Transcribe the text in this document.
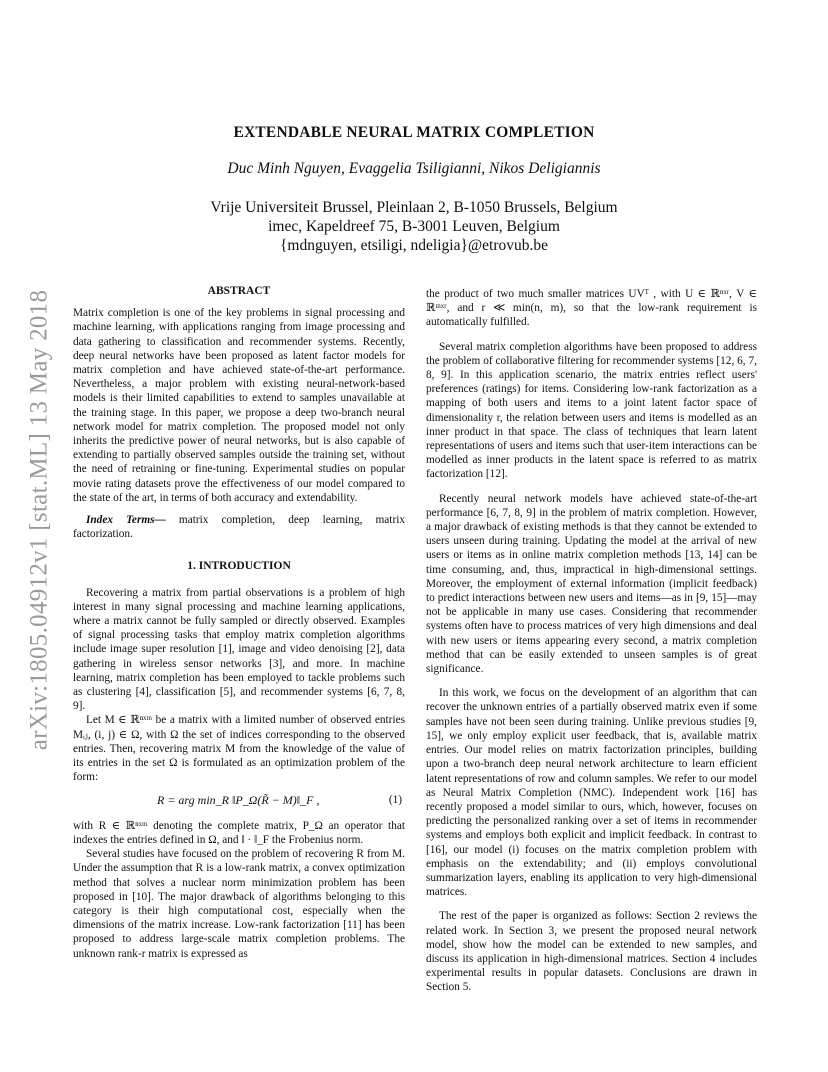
arXiv:1805.04912v1 [stat.ML] 13 May 2018
EXTENDABLE NEURAL MATRIX COMPLETION
Duc Minh Nguyen, Evaggelia Tsiligianni, Nikos Deligiannis
Vrije Universiteit Brussel, Pleinlaan 2, B-1050 Brussels, Belgium
imec, Kapeldreef 75, B-3001 Leuven, Belgium
{mdnguyen, etsiligi, ndeligia}@etrovub.be
ABSTRACT

Matrix completion is one of the key problems in signal processing and machine learning, with applications ranging from image processing and data gathering to classification and recommender systems. Recently, deep neural networks have been proposed as latent factor models for matrix completion and have achieved state-of-the-art performance. Nevertheless, a major problem with existing neural-network-based models is their limited capabilities to extend to samples unavailable at the training stage. In this paper, we propose a deep two-branch neural network model for matrix completion. The proposed model not only inherits the predictive power of neural networks, but is also capable of extending to partially observed samples outside the training set, without the need of retraining or fine-tuning. Experimental studies on popular movie rating datasets prove the effectiveness of our model compared to the state of the art, in terms of both accuracy and extendability.

Index Terms— matrix completion, deep learning, matrix factorization.

1. INTRODUCTION

Recovering a matrix from partial observations is a problem of high interest in many signal processing and machine learning applications, where a matrix cannot be fully sampled or directly observed. Examples of signal processing tasks that employ matrix completion algorithms include image super resolution [1], image and video denoising [2], data gathering in wireless sensor networks [3], and more. In machine learning, matrix completion has been employed to tackle problems such as clustering [4], classification [5], and recommender systems [6, 7, 8, 9].

Let M ∈ ℝⁿˣᵐ be a matrix with a limited number of observed entries Mᵢⱼ, (i, j) ∈ Ω, with Ω the set of indices corresponding to the observed entries. Then, recovering matrix M from the knowledge of the value of its entries in the set Ω is formulated as an optimization problem of the form:

R = arg min_R ‖P_Ω(R̃ − M)‖_F ,	(1)

with R ∈ ℝⁿˣᵐ denoting the complete matrix, P_Ω an operator that indexes the entries defined in Ω, and ‖ · ‖_F the Frobenius norm.

Several studies have focused on the problem of recovering R from M. Under the assumption that R is a low-rank matrix, a convex optimization method that solves a nuclear norm minimization problem has been proposed in [10]. The major drawback of algorithms belonging to this category is their high computational cost, especially when the dimensions of the matrix increase. Low-rank factorization [11] has been proposed to address large-scale matrix completion problems. The unknown rank-r matrix is expressed as

the product of two much smaller matrices UVᵀ , with U ∈ ℝⁿˣʳ, V ∈ ℝᵐˣʳ, and r ≪ min(n, m), so that the low-rank requirement is automatically fulfilled.

Several matrix completion algorithms have been proposed to address the problem of collaborative filtering for recommender systems [12, 6, 7, 8, 9]. In this application scenario, the matrix entries reflect users' preferences (ratings) for items. Considering low-rank factorization as a mapping of both users and items to a joint latent factor space of dimensionality r, the relation between users and items is modelled as an inner product in that space. The class of techniques that learn latent representations of users and items such that user-item interactions can be modelled as inner products in the latent space is referred to as matrix factorization [12].

Recently neural network models have achieved state-of-the-art performance [6, 7, 8, 9] in the problem of matrix completion. However, a major drawback of existing methods is that they cannot be extended to users unseen during training. Updating the model at the arrival of new users or items as in online matrix completion methods [13, 14] can be time consuming, and, thus, impractical in high-dimensional settings. Moreover, the employment of external information (implicit feedback) to predict interactions between new users and items—as in [9, 15]—may not be applicable in many use cases. Considering that recommender systems often have to process matrices of very high dimensions and deal with new users or items appearing every second, a matrix completion method that can be easily extended to unseen samples is of great significance.

In this work, we focus on the development of an algorithm that can recover the unknown entries of a partially observed matrix even if some samples have not been seen during training. Unlike previous studies [9, 15], we only employ explicit user feedback, that is, available matrix entries. Our model relies on matrix factorization principles, building upon a two-branch deep neural network architecture to learn efficient latent representations of row and column samples. We refer to our model as Neural Matrix Completion (NMC). Independent work [16] has recently proposed a model similar to ours, which, however, focuses on predicting the personalized ranking over a set of items in recommender systems and employs both explicit and implicit feedback. In contrast to [16], our model (i) focuses on the matrix completion problem with emphasis on the extendability; and (ii) employs convolutional summarization layers, enabling its application to very high-dimensional matrices.

The rest of the paper is organized as follows: Section 2 reviews the related work. In Section 3, we present the proposed neural network model, show how the model can be extended to new samples, and discuss its application in high-dimensional matrices. Section 4 includes experimental results in popular datasets. Conclusions are drawn in Section 5.
